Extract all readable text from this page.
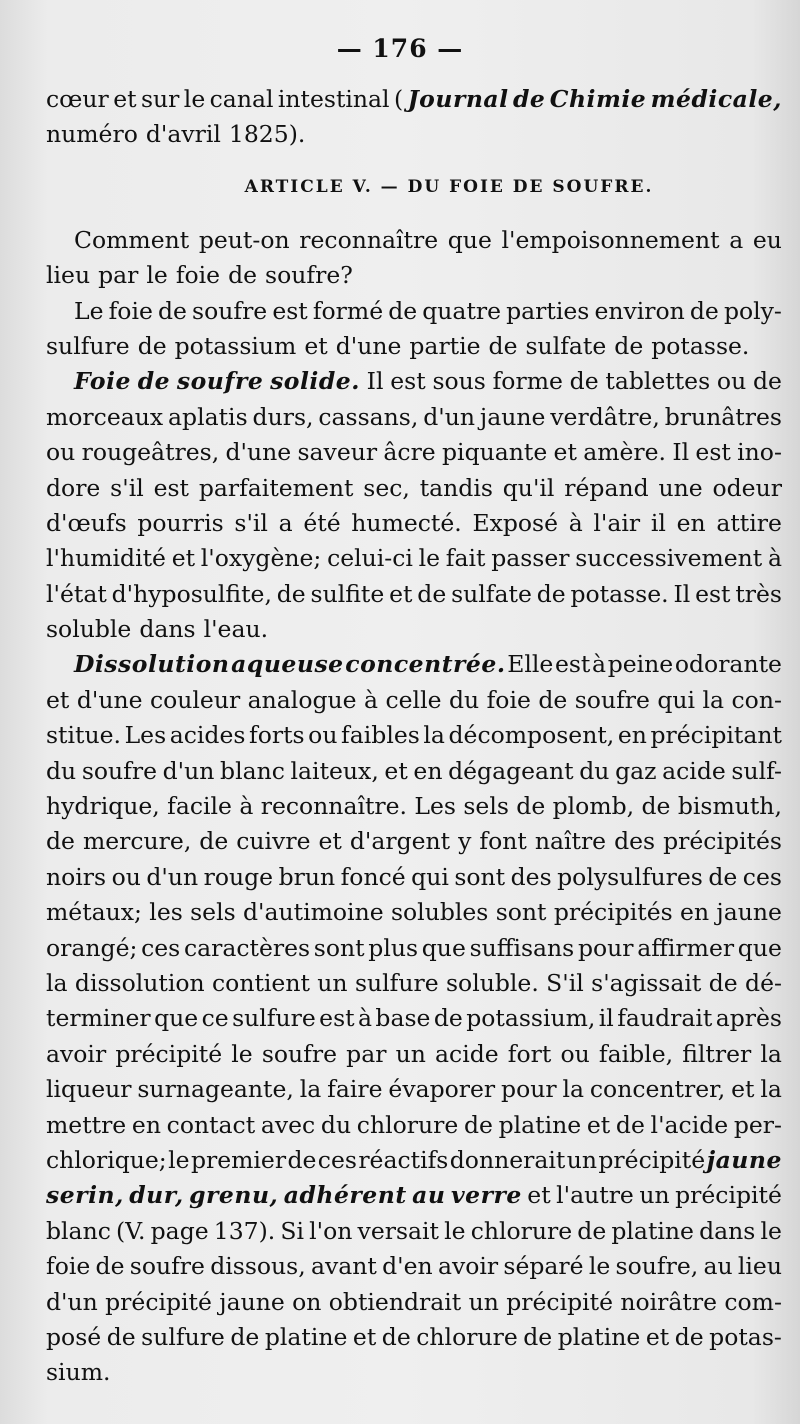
— 176 —
cœur et sur le canal intestinal ( Journal de Chimie médicale,
numéro d'avril 1825).
ARTICLE V. — DU FOIE DE SOUFRE.
Comment peut-on reconnaître que l'empoisonnement a eu
lieu par le foie de soufre?
Le foie de soufre est formé de quatre parties environ de poly-
sulfure de potassium et d'une partie de sulfate de potasse.
Foie de soufre solide. Il est sous forme de tablettes ou de
morceaux aplatis durs, cassans, d'un jaune verdâtre, brunâtres
ou rougeâtres, d'une saveur âcre piquante et amère. Il est ino-
dore s'il est parfaitement sec, tandis qu'il répand une odeur
d'œufs pourris s'il a été humecté. Exposé à l'air il en attire
l'humidité et l'oxygène; celui-ci le fait passer successivement à
l'état d'hyposulfite, de sulfite et de sulfate de potasse. Il est très
soluble dans l'eau.
Dissolution aqueuse concentrée. Elle est à peine odorante
et d'une couleur analogue à celle du foie de soufre qui la con-
stitue. Les acides forts ou faibles la décomposent, en précipitant
du soufre d'un blanc laiteux, et en dégageant du gaz acide sulf-
hydrique, facile à reconnaître. Les sels de plomb, de bismuth,
de mercure, de cuivre et d'argent y font naître des précipités
noirs ou d'un rouge brun foncé qui sont des polysulfures de ces
métaux; les sels d'autimoine solubles sont précipités en jaune
orangé; ces caractères sont plus que suffisans pour affirmer que
la dissolution contient un sulfure soluble. S'il s'agissait de dé-
terminer que ce sulfure est à base de potassium, il faudrait après
avoir précipité le soufre par un acide fort ou faible, filtrer la
liqueur surnageante, la faire évaporer pour la concentrer, et la
mettre en contact avec du chlorure de platine et de l'acide per-
chlorique; le premier de ces réactifs donnerait un précipité jaune
serin, dur, grenu, adhérent au verre et l'autre un précipité
blanc (V. page 137). Si l'on versait le chlorure de platine dans le
foie de soufre dissous, avant d'en avoir séparé le soufre, au lieu
d'un précipité jaune on obtiendrait un précipité noirâtre com-
posé de sulfure de platine et de chlorure de platine et de potas-
sium.
